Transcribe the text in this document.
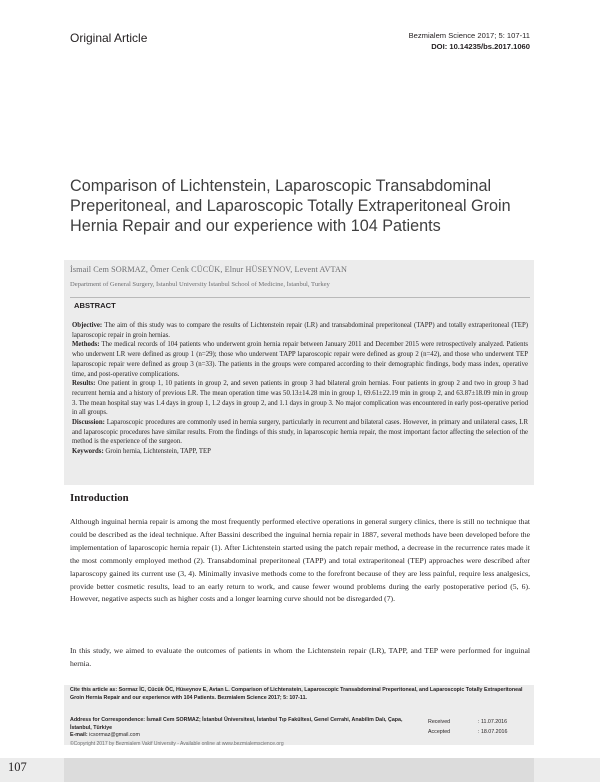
Original Article	Bezmialem Science 2017; 5: 107-11
DOI: 10.14235/bs.2017.1060
Comparison of Lichtenstein, Laparoscopic Transabdominal Preperitoneal, and Laparoscopic Totally Extraperitoneal Groin Hernia Repair and our experience with 104 Patients
İsmail Cem SORMAZ, Ömer Cenk CÜCÜK, Elnur HÜSEYNOV, Levent AVTAN
Department of General Surgery, İstanbul University İstanbul School of Medicine, İstanbul, Turkey
ABSTRACT

Objective: The aim of this study was to compare the results of Lichtenstein repair (LR) and transabdominal preperitoneal (TAPP) and totally extraperitoneal (TEP) laparoscopic repair in groin hernias.

Methods: The medical records of 104 patients who underwent groin hernia repair between January 2011 and December 2015 were retrospectively analyzed. Patients who underwent LR were defined as group 1 (n=29); those who underwent TAPP laparoscopic repair were defined as group 2 (n=42), and those who underwent TEP laparoscopic repair were defined as group 3 (n=33). The patients in the groups were compared according to their demographic findings, body mass index, operative time, and post-operative complications.

Results: One patient in group 1, 10 patients in group 2, and seven patients in group 3 had bilateral groin hernias. Four patients in group 2 and two in group 3 had recurrent hernia and a history of previous LR. The mean operation time was 50.13±14.28 min in group 1, 69.61±22.19 min in group 2, and 63.87±18.09 min in group 3. The mean hospital stay was 1.4 days in group 1, 1.2 days in group 2, and 1.1 days in group 3. No major complication was encountered in early post-operative period in all groups.

Discussion: Laparoscopic procedures are commonly used in hernia surgery, particularly in recurrent and bilateral cases. However, in primary and unilateral cases, LR and laparoscopic procedures have similar results. From the findings of this study, in laparoscopic hernia repair, the most important factor affecting the selection of the method is the experience of the surgeon.

Keywords: Groin hernia, Lichtenstein, TAPP, TEP

Introduction
Although inguinal hernia repair is among the most frequently performed elective operations in general surgery clinics, there is still no technique that could be described as the ideal technique. After Bassini described the inguinal hernia repair in 1887, several methods have been developed before the implementation of laparoscopic hernia repair (1). After Lichtenstein started using the patch repair method, a decrease in the recurrence rates made it the most commonly employed method (2). Transabdominal preperitoneal (TAPP) and total extraperitoneal (TEP) approaches were described after laparoscopy gained its current use (3, 4). Minimally invasive methods come to the forefront because of they are less painful, require less analgesics, provide better cosmetic results, lead to an early return to work, and cause fewer wound problems during the early postoperative period (5, 6). However, negative aspects such as higher costs and a longer learning curve should not be disregarded (7).
In this study, we aimed to evaluate the outcomes of patients in whom the Lichtenstein repair (LR), TAPP, and TEP were performed for inguinal hernia.
Cite this article as: Sormaz İC, Cücük ÖC, Hüseynov E, Avtan L. Comparison of Lichtenstein, Laparoscopic Transabdominal Preperitoneal, and Laparoscopic Totally Extraperitoneal Groin Hernia Repair and our experience with 104 Patients. Bezmialem Science 2017; 5: 107-11.
Address for Correspondence: İsmail Cem SORMAZ; İstanbul Üniversitesi, İstanbul Tıp Fakültesi, Genel Cerrahi, Anabilim Dalı, Çapa, İstanbul, Türkiye
E-mail: icsormaz@gmail.com
Received	: 11.07.2016
Accepted	: 18.07.2016
©Copyright 2017 by Bezmialem Vakif University - Available online at www.bezmialemscience.org
107
